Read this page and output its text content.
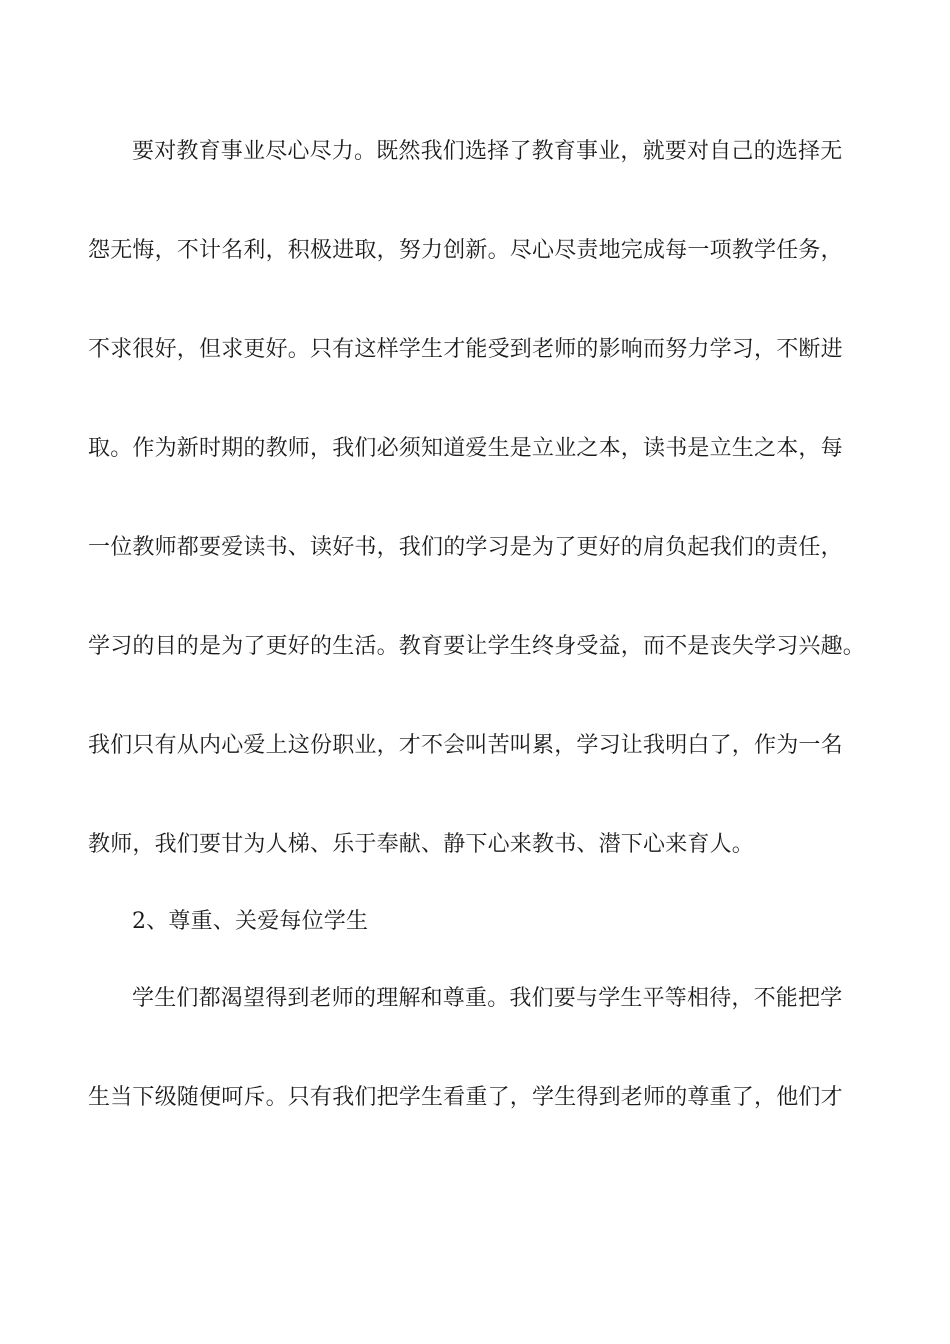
要对教育事业尽心尽力。既然我们选择了教育事业，就要对自己的选择无
怨无悔，不计名利，积极进取，努力创新。尽心尽责地完成每一项教学任务，
不求很好，但求更好。只有这样学生才能受到老师的影响而努力学习，不断进
取。作为新时期的教师，我们必须知道爱生是立业之本，读书是立生之本，每
一位教师都要爱读书、读好书，我们的学习是为了更好的肩负起我们的责任，
学习的目的是为了更好的生活。教育要让学生终身受益，而不是丧失学习兴趣。
我们只有从内心爱上这份职业，才不会叫苦叫累，学习让我明白了，作为一名
教师，我们要甘为人梯、乐于奉献、静下心来教书、潜下心来育人。
2、尊重、关爱每位学生
学生们都渴望得到老师的理解和尊重。我们要与学生平等相待，不能把学
生当下级随便呵斥。只有我们把学生看重了，学生得到老师的尊重了，他们才
